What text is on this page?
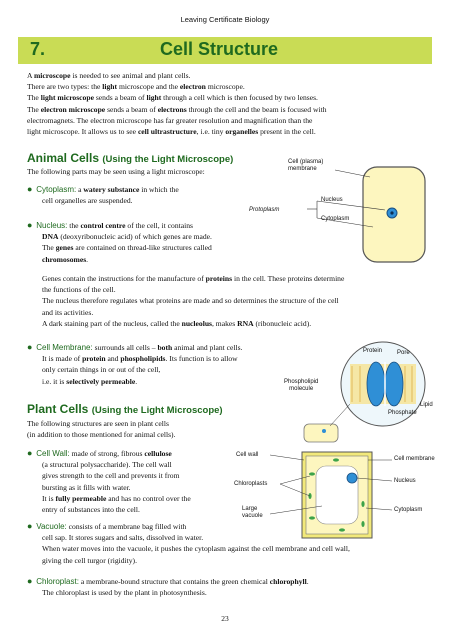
Leaving Certificate Biology
7.	Cell Structure
A microscope is needed to see animal and plant cells.
There are two types: the light microscope and the electron microscope.
The light microscope sends a beam of light through a cell which is then focused by two lenses.
The electron microscope sends a beam of electrons through the cell and the beam is focused with
electromagnets. The electron microscope has far greater resolution and magnification than the
light microscope. It allows us to see cell ultrastructure, i.e. tiny organelles present in the cell.
Animal Cells (Using the Light Microscope)
The following parts may be seen using a light microscope:
● Cytoplasm: a watery substance in which the
cell organelles are suspended.
● Nucleus: the control centre of the cell, it contains
DNA (deoxyribonucleic acid) of which genes are made.
The genes are contained on thread-like structures called
chromosomes.
Cell (plasma)
membrane
Protoplasm
Nucleus
Cytoplasm
Genes contain the instructions for the manufacture of proteins in the cell. These proteins determine
the functions of the cell.
The nucleus therefore regulates what proteins are made and so determines the structure of the cell
and its activities.
A dark staining part of the nucleus, called the nucleolus, makes RNA (ribonucleic acid).
● Cell Membrane: surrounds all cells – both animal and plant cells.
It is made of protein and phospholipids. Its function is to allow
only certain things in or out of the cell,
i.e. it is selectively permeable.
Protein Pore
Phospholipid
molecule
Lipid
Phosphate
Plant Cells (Using the Light Microscope)
The following structures are seen in plant cells
(in addition to those mentioned for animal cells).
● Cell Wall: made of strong, fibrous cellulose
(a structural polysaccharide). The cell wall
gives strength to the cell and prevents it from
bursting as it fills with water.
It is fully permeable and has no control over the
entry of substances into the cell.
Cell wall
Chloroplasts
Large
vacuole
Cell membrane
Nucleus
Cytoplasm
● Vacuole: consists of a membrane bag filled with
cell sap. It stores sugars and salts, dissolved in water.
When water moves into the vacuole, it pushes the cytoplasm against the cell membrane and cell wall,
giving the cell turgor (rigidity).
● Chloroplast: a membrane-bound structure that contains the green chemical chlorophyll.
The chloroplast is used by the plant in photosynthesis.
23
